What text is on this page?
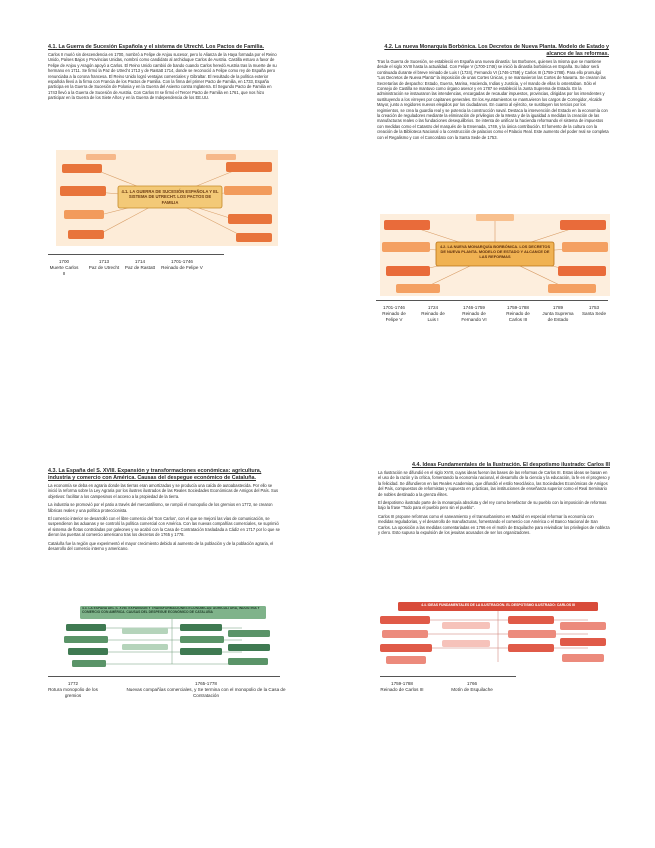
4.1. La Guerra de Sucesión Española y el sistema de Utrecht. Los Pactos de Familia.

Carlos II murió sin descendencia en 1700, nombró a Felipe de Anjou sucesor, pero lo Alianza de la Haya formada por el Reino Unido, Países Bajos y Provincias Unidas, nombró como candidato al archiduque Carlos de Austria. Castilla estuvo a favor de Felipe de Anjou y Aragón apoyó a Carlos. El Reino Unido cambió de bando cuando Carlos heredó Austria tras la muerte de su hermano en 1711. Se firmó la Paz de Utrecht 1713 y de Rastatt 1714, donde se reconoció a Felipe como rey de España pero renunciaba a la corona francesa. El Reino Unido logró ventajas comerciales y Gibraltar. El resultado de la política exterior española llevó a la firma con Francia de los Pactos de Familia. Con la firma del primer Pacto de Familia, en 1733, España participa en la Guerra de Sucesión de Polonia y en la Guerra del Asiento contra Inglaterra. El Segundo Pacto de Familia en 1743 llevó a la Guerra de Sucesión de Austria. Con Carlos III se firmó el Tercer Pacto de Familia en 1761, que nos hizo participar en la Guerra de los Siete Años y en la Guerra de Independencia de los EE.UU.

4.1. LA GUERRA DE SUCESIÓN ESPAÑOLA Y EL SISTEMA DE UTRECHT. LOS PACTOS DE FAMILIA
1700
Muerte Carlos II
1713
Paz de Utrecht
1714
Paz de Rastatt
1701-1746
Reinado de Felipe V
4.2. La nueva Monarquía Borbónica. Los Decretos de Nueva Planta. Modelo de Estado y alcance de las reformas.

Tras la Guerra de Sucesión, se estableció en España una nueva dinastía: los Borbones, quienes la misma que se mantiene desde el siglo XVIII hasta la actualidad. Con Felipe V (1700-1746) se inició la dinastía borbónica en España. Su labor será continuada durante el breve reinado de Luis I (1724), Fernando VI (1746-1759) y Carlos III (1759-1788). Para ello promulgó "Los Decretos de Nueva Planta" la imposición de unas Cortes Únicas, y se mantuvieron las Cortes de Navarra. Se crearon las Secretarías de despacho: Estado, Guerra, Marina, Hacienda, Indias y Justicia, y el mando de ellas lo ostentaban. Sólo el Consejo de Castilla se mantuvo como órgano asesor y en 1787 se estableció la Junta Suprema de Estado. En la administración se instauraron las intendencias, encargadas de recaudar impuestos, provincias, dirigidas por los intendentes y sustituyendo a los virreyes por capitanes generales. En los Ayuntamientos se mantuvieron los cargos de Corregidor, Alcalde Mayor, junto a regidores nuevos elegidos por los ciudadanos. En cuanto al ejército, se sustituyen los tercios por los regimientos, se crea la guardia real y se potencia la construcción naval. Destaca la intervención del Estado en la economía con la creación de reguladores mediante la eliminación de privilegios de la Mesta y de la igualdad a medidas la creación de las manufacturas reales o las fundaciones desequilibrios. Se intenta de unificar la hacienda reformando el sistema de impuestos con medidas como el Catastro del marqués de la Ensenada, 1749, y la única contribución. El fomento de la cultura con la creación de la Biblioteca Nacional o la construcción de palacios como el Palacio Real. Este aumento del poder real se completa con el Regalismo y con el Concordato con la Santa Sede de 1753.

4.2. LA NUEVA MONARQUÍA BORBÓNICA. LOS DECRETOS DE NUEVA PLANTA. MODELO DE ESTADO Y ALCANCE DE LAS REFORMAS
1701-1746
Reinado de Felipe V
1724
Reinado de Luis I
1746-1759
Reinado de Fernando VI
1759-1788
Reinado de Carlos III
1789
Junta Suprema de Estado
1753
Santa Sede
4.3. La España del S. XVIII. Expansión y transformaciones económicas: agricultura, industria y comercio con América. Causas del despegue económico de Cataluña.

La economía se deba en agraria donde las tierras eran amortizadas y se producía una caída de autoabastecida. Por ello se inició la reforma sobre la Ley Agraria por los ilustres ilustrados de las Reales Sociedades Económicas de Amigos del País. Sus objetivos: facilitar a los campesinos el acceso a la propiedad de la tierra.

La industria se promovió por el patio a través del mercantilismo, se rompió el monopolio de los gremios en 1772, se crearon fábricas reales y una política proteccionista.

El comercio interior se desarrolló con el libre comercio del 'Son Carlos', con el que se mejoró las vías de comunicación, se suspendieron las aduanas y se controló la política comercial con América. Con las nuevas compañías comerciales, se suprimió el sistema de flotas controladas por galeones y se acabó con la Casa de Contratación trasladada a Cádiz en 1717 por lo que se dieron las puertas al comercio americano tras los decretos de 1765 y 1778.

Cataluña fue la región que experimentó el mayor crecimiento debido al aumento de la población y de la población agraria, el desarrollo del comercio interno y americano.

4.3. LA ESPAÑA DEL S. XVIII. EXPANSIÓN Y TRANSFORMACIONES ECONÓMICAS: AGRICULTURA, INDUSTRIA Y COMERCIO CON AMÉRICA. CAUSAS DEL DESPEGUE ECONÓMICO DE CATALUÑA
1772
Rotura monopolio de los gremios
1765-1778
Nuevas compañías comerciales, y Se termina con el monopolio de la Casa de Contratación
4.4. Ideas Fundamentales de la Ilustración. El despotismo ilustrado: Carlos III

La Ilustración se difundió en el siglo XVIII, cuyas ideas fueron las bases de las reformas de Carlos III. Estas ideas se basan en el uso de la razón y la crítica, fomentando la economía nacional, el desarrollo de la ciencia y la educación, la fe en el progreso y la felicidad. Se difundieron en las Reales Academias, que difundió el estilo Neoclásico, las Sociedades Económicas de Amigos del País, compuestos de reformistas y supuesto en prácticas, las instituciones de enseñanza superior como el Real Seminario de nobles destinado a la grenza élites.

El despotismo ilustrado parte de la monarquía absoluta y del rey como benefactor de su pueblo con la imposición de reformas bajo la frase "Todo para el pueblo pero sin el pueblo".

Carlos III propone reformas como el saneamiento y el transurbanismo en Madrid en especial reformar la economía con medidas reguladorias, y el desarrollo de manufacturas, fomentando el comercio con América o el Banco Nacional de San Carlos. La oposición a las medidas comentariadas en 1766 en el motín de Esquilache para reivindicar los privilegios de nobleza y clero. Esto supuso la expulsión de los jesuitas acusados de ser los organizadores.

4.4. IDEAS FUNDAMENTALES DE LA ILUSTRACIÓN. EL DESPOTISMO ILUSTRADO: CARLOS III
1759-1788
Reinado de Carlos III
1766
Motín de Esquilache
